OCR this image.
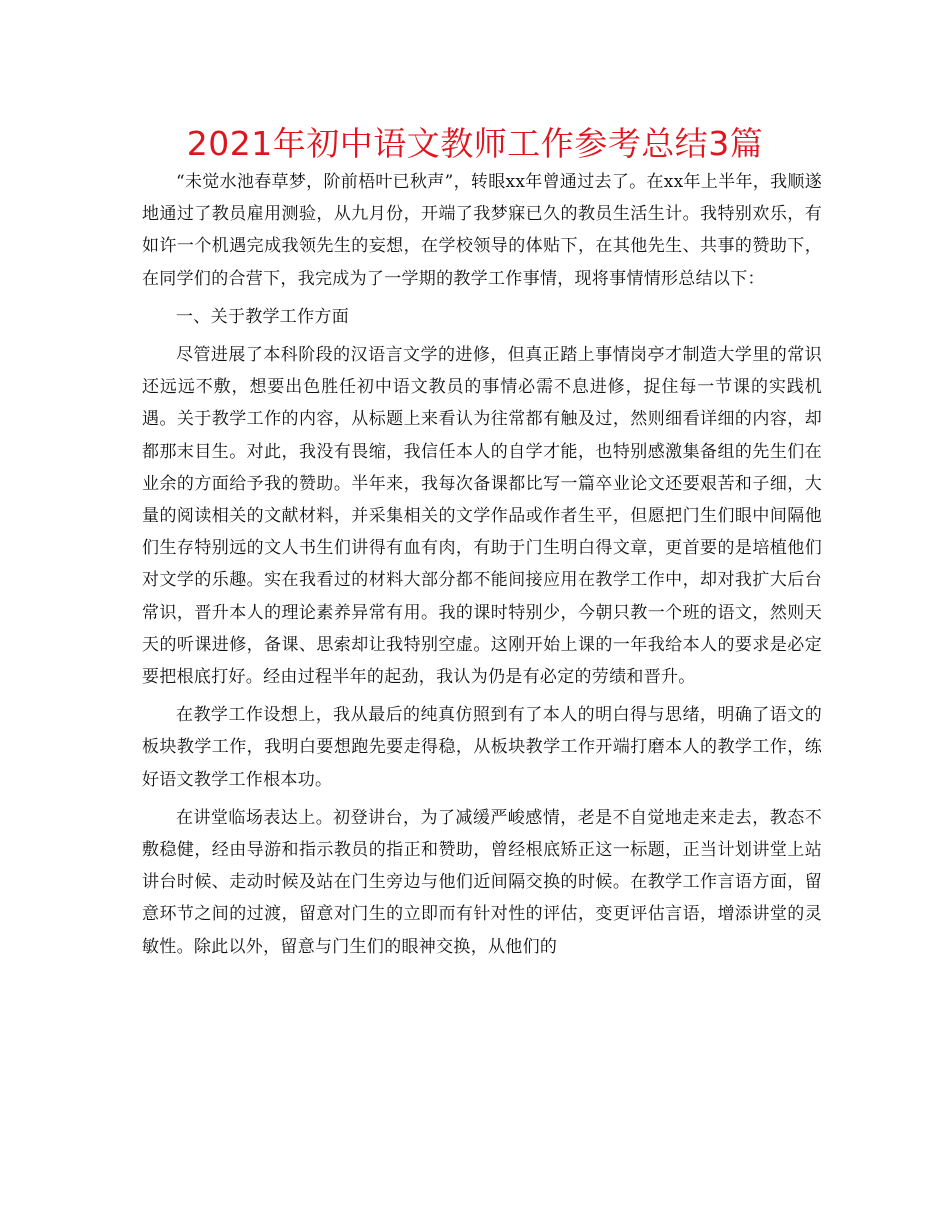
2021年初中语文教师工作参考总结3篇

“未觉水池春草梦，阶前梧叶已秋声”，转眼xx年曾通过去了。在xx年上半年，我顺遂地通过了教员雇用测验，从九月份，开端了我梦寐已久的教员生活生计。我特别欢乐，有如许一个机遇完成我领先生的妄想，在学校领导的体贴下，在其他先生、共事的赞助下，在同学们的合营下，我完成为了一学期的教学工作事情，现将事情情形总结以下：

一、关于教学工作方面

尽管进展了本科阶段的汉语言文学的进修，但真正踏上事情岗亭才制造大学里的常识还远远不敷，想要出色胜任初中语文教员的事情必需不息进修，捉住每一节课的实践机遇。关于教学工作的内容，从标题上来看认为往常都有触及过，然则细看详细的内容，却都那末目生。对此，我没有畏缩，我信任本人的自学才能，也特别感激集备组的先生们在业余的方面给予我的赞助。半年来，我每次备课都比写一篇卒业论文还要艰苦和子细，大量的阅读相关的文献材料，并采集相关的文学作品或作者生平，但愿把门生们眼中间隔他们生存特别远的文人书生们讲得有血有肉，有助于门生明白得文章，更首要的是培植他们对文学的乐趣。实在我看过的材料大部分都不能间接应用在教学工作中，却对我扩大后台常识，晋升本人的理论素养异常有用。我的课时特别少，今朝只教一个班的语文，然则天天的听课进修，备课、思索却让我特别空虚。这刚开始上课的一年我给本人的要求是必定要把根底打好。经由过程半年的起劲，我认为仍是有必定的劳绩和晋升。

在教学工作设想上，我从最后的纯真仿照到有了本人的明白得与思绪，明确了语文的板块教学工作，我明白要想跑先要走得稳，从板块教学工作开端打磨本人的教学工作，练好语文教学工作根本功。

在讲堂临场表达上。初登讲台，为了减缓严峻感情，老是不自觉地走来走去，教态不敷稳健，经由导游和指示教员的指正和赞助，曾经根底矫正这一标题，正当计划讲堂上站讲台时候、走动时候及站在门生旁边与他们近间隔交换的时候。在教学工作言语方面，留意环节之间的过渡，留意对门生的立即而有针对性的评估，变更评估言语，增添讲堂的灵敏性。除此以外，留意与门生们的眼神交换，从他们的
